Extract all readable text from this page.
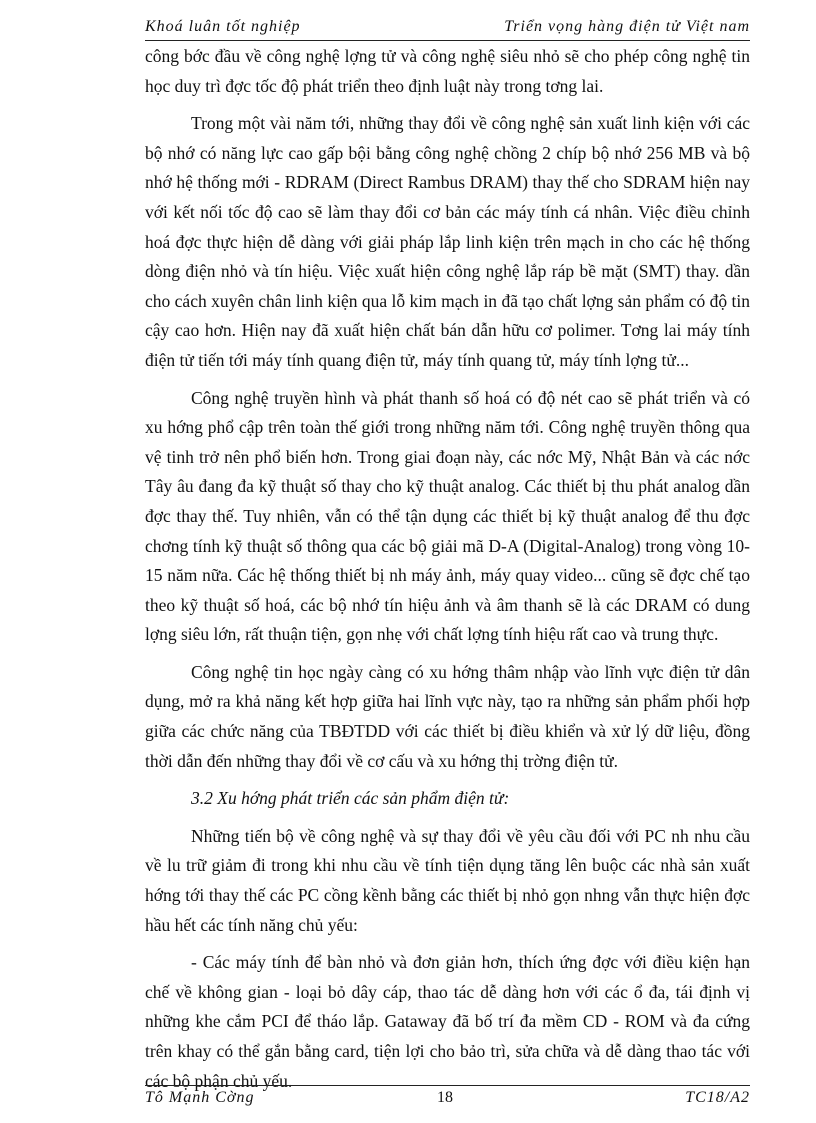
Khoá luân tốt nghiệp	Triển vọng hàng điện tử Việt nam

công bớc đầu về công nghệ lợng tử và công nghệ siêu nhỏ sẽ cho phép công nghệ tin học duy trì đợc tốc độ phát triển theo định luật này trong tơng lai.

Trong một vài năm tới, những thay đổi về công nghệ sản xuất linh kiện với các bộ nhớ có năng lực cao gấp bội bằng công nghệ chồng 2 chíp bộ nhớ 256 MB và bộ nhớ hệ thống mới - RDRAM (Direct Rambus DRAM) thay thế cho SDRAM hiện nay với kết nối tốc độ cao sẽ làm thay đổi cơ bản các máy tính cá nhân. Việc điều chỉnh hoá đợc thực hiện dễ dàng với giải pháp lắp linh kiện trên mạch in cho các hệ thống dòng điện nhỏ và tín hiệu. Việc xuất hiện công nghệ lắp ráp bề mặt (SMT) thay. dần cho cách xuyên chân linh kiện qua lỗ kim mạch in đã tạo chất lợng sản phẩm có độ tin cậy cao hơn. Hiện nay đã xuất hiện chất bán dẫn hữu cơ polimer. Tơng lai máy tính điện tử tiến tới máy tính quang điện tử, máy tính quang tử, máy tính lợng tử...

Công nghệ truyền hình và phát thanh số hoá có độ nét cao sẽ phát triển và có xu hớng phổ cập trên toàn thế giới trong những năm tới. Công nghệ truyền thông qua vệ tinh trở nên phổ biến hơn. Trong giai đoạn này, các nớc Mỹ, Nhật Bản và các nớc Tây âu đang đa kỹ thuật số thay cho kỹ thuật analog. Các thiết bị thu phát analog dần đợc thay thế. Tuy nhiên, vẫn có thể tận dụng các thiết bị kỹ thuật analog để thu đợc chơng tính kỹ thuật số thông qua các bộ giải mã D-A (Digital-Analog) trong vòng 10-15 năm nữa. Các hệ thống thiết bị nh máy ảnh, máy quay video... cũng sẽ đợc chế tạo theo kỹ thuật số hoá, các bộ nhớ tín hiệu ảnh và âm thanh sẽ là các DRAM có dung lợng siêu lớn, rất thuận tiện, gọn nhẹ với chất lợng tính hiệu rất cao và trung thực.

Công nghệ tin học ngày càng có xu hớng thâm nhập vào lĩnh vực điện tử dân dụng, mở ra khả năng kết hợp giữa hai lĩnh vực này, tạo ra những sản phẩm phối hợp giữa các chức năng của TBĐTDD với các thiết bị điều khiển và xử lý dữ liệu, đồng thời dẫn đến những thay đổi về cơ cấu và xu hớng thị trờng điện tử.

3.2 Xu hớng phát triển các sản phẩm điện tử:

Những tiến bộ về công nghệ và sự thay đổi về yêu cầu đối với PC nh nhu cầu về lu trữ giảm đi trong khi nhu cầu về tính tiện dụng tăng lên buộc các nhà sản xuất hớng tới thay thế các PC cồng kềnh bằng các thiết bị nhỏ gọn nhng vẫn thực hiện đợc hầu hết các tính năng chủ yếu:

- Các máy tính để bàn nhỏ và đơn giản hơn, thích ứng đợc với điều kiện hạn chế về không gian - loại bỏ dây cáp, thao tác dễ dàng hơn với các ổ đa, tái định vị những khe cắm PCI để tháo lắp. Gataway đã bố trí đa mềm CD - ROM và đa cứng trên khay có thể gắn bằng card, tiện lợi cho bảo trì, sửa chữa và dễ dàng thao tác với các bộ phận chủ yếu.

Tô Mạnh Cờng	18	TC18/A2
